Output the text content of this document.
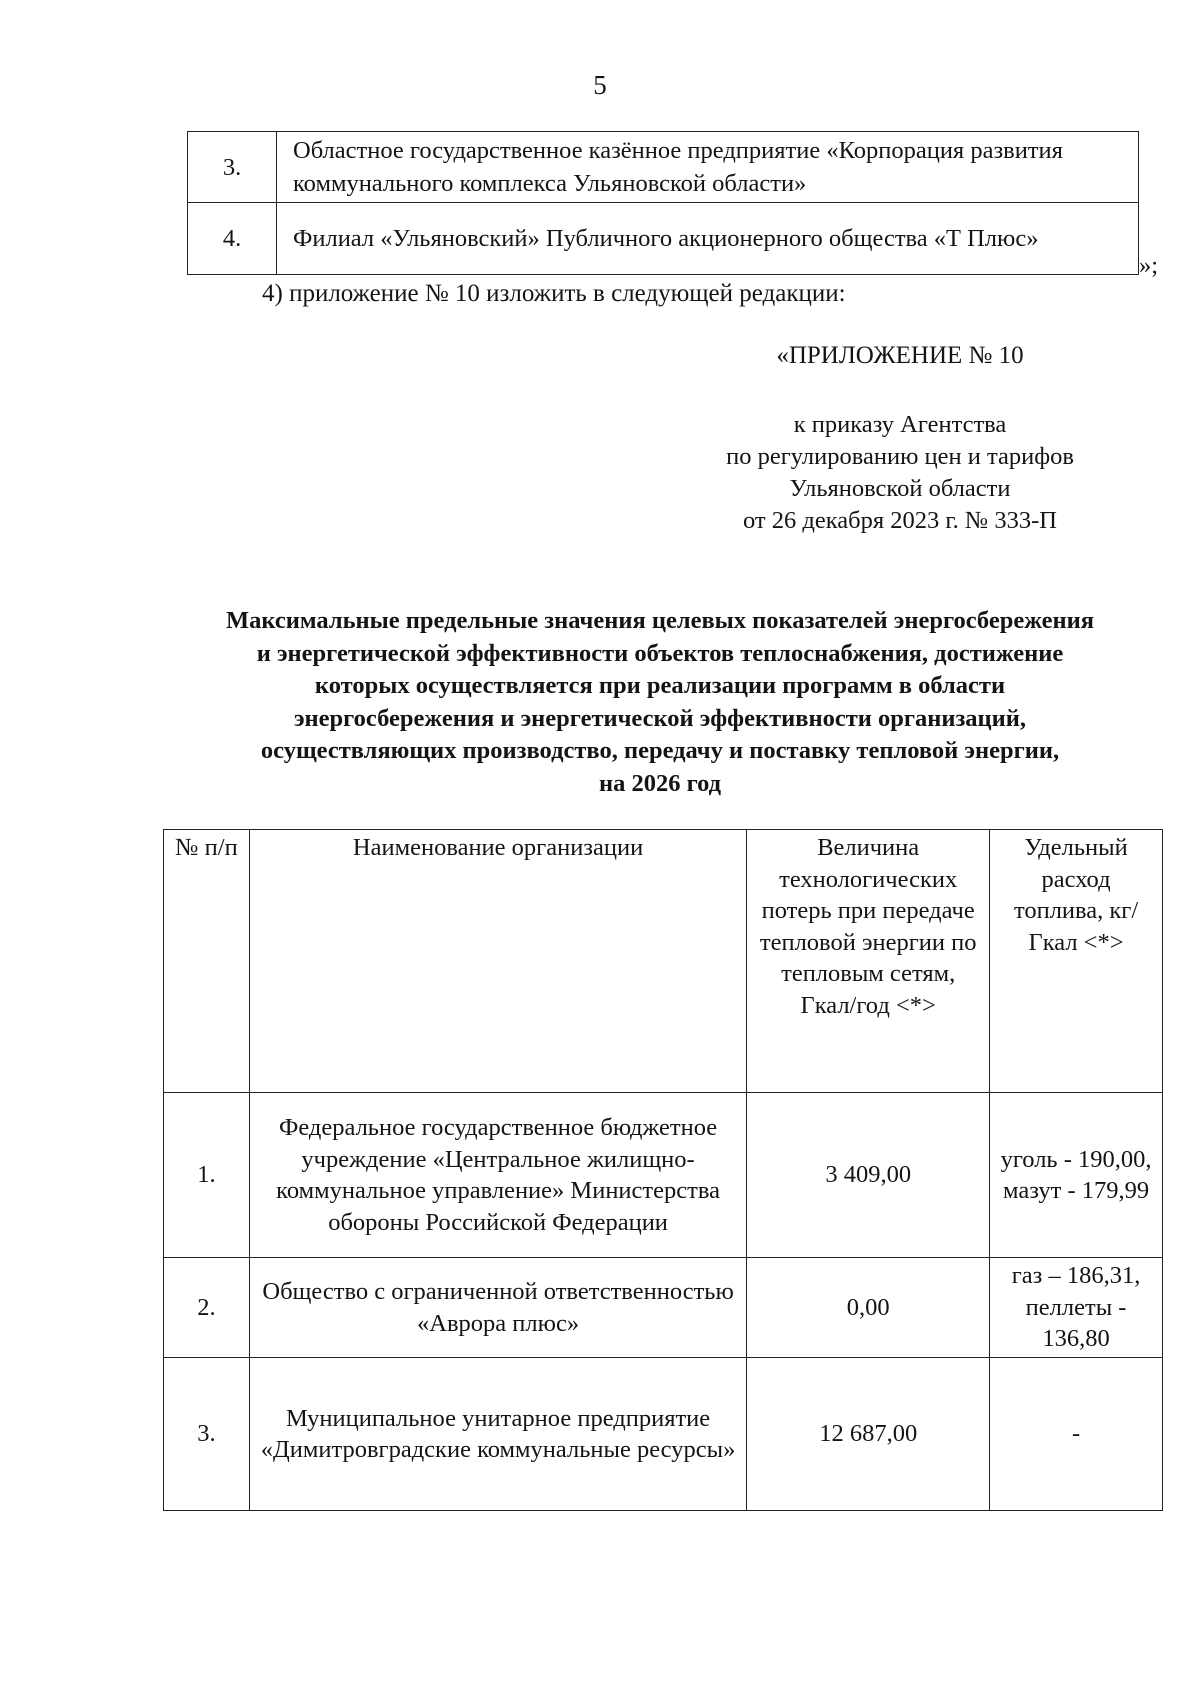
5
3.	Областное государственное казённое предприятие «Корпорация развития коммунального комплекса Ульяновской области»
4.	Филиал «Ульяновский» Публичного акционерного общества «Т Плюс»
»;
4) приложение № 10 изложить в следующей редакции:
«ПРИЛОЖЕНИЕ № 10
к приказу Агентства
по регулированию цен и тарифов
Ульяновской области
от 26 декабря 2023 г. № 333-П
Максимальные предельные значения целевых показателей энергосбережения
и энергетической эффективности объектов теплоснабжения, достижение
которых осуществляется при реализации программ в области
энергосбережения и энергетической эффективности организаций,
осуществляющих производство, передачу и поставку тепловой энергии,
на 2026 год
№ п/п	Наименование организации	Величина технологических потерь при передаче тепловой энергии по тепловым сетям, Гкал/год <*>	Удельный расход топлива, кг/Гкал <*>
1.	Федеральное государственное бюджетное учреждение «Центральное жилищно-коммунальное управление» Министерства обороны Российской Федерации	3 409,00	уголь - 190,00, мазут - 179,99
2.	Общество с ограниченной ответственностью «Аврора плюс»	0,00	газ – 186,31, пеллеты - 136,80
3.	Муниципальное унитарное предприятие «Димитровградские коммунальные ресурсы»	12 687,00	-
